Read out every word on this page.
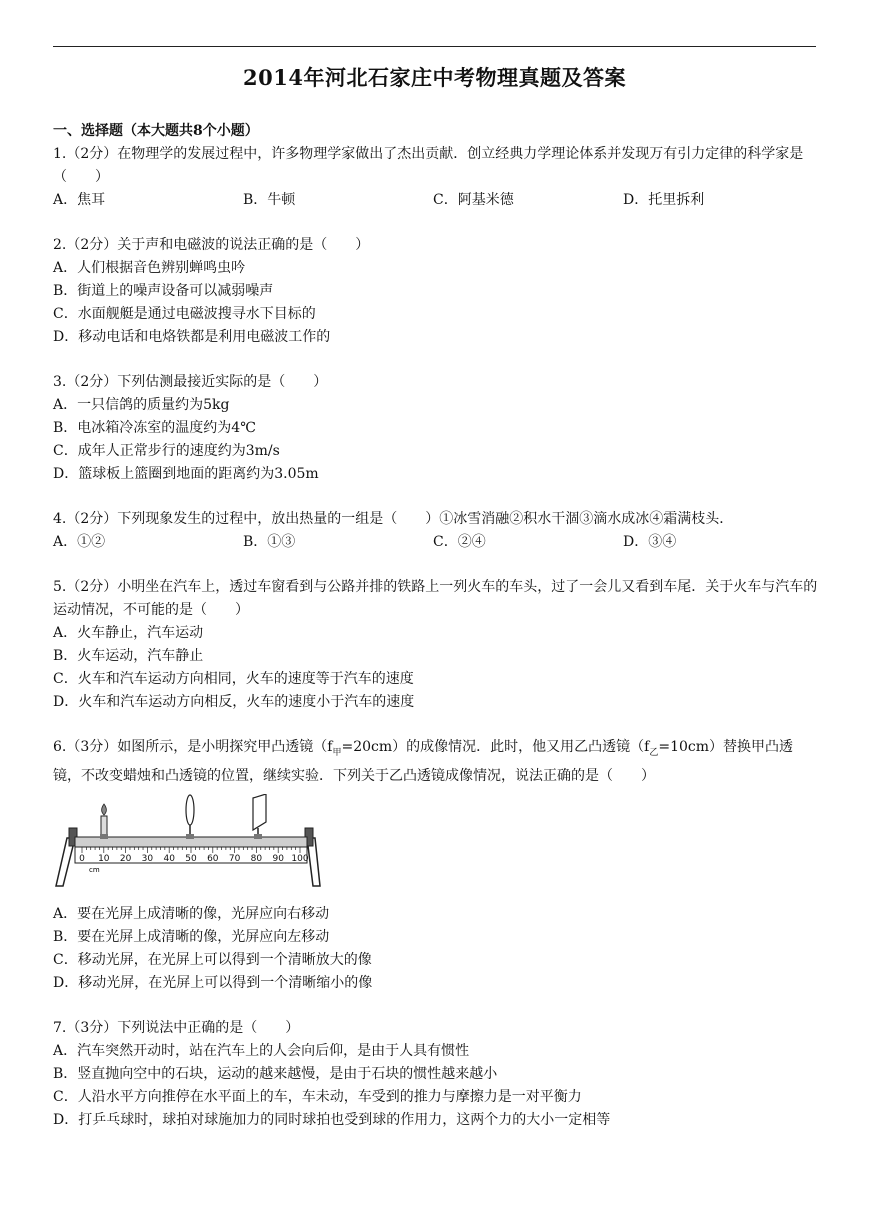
2014年河北石家庄中考物理真题及答案
一、选择题（本大题共8个小题）
1.（2分）在物理学的发展过程中，许多物理学家做出了杰出贡献．创立经典力学理论体系并发现万有引力定律的科学家是（　　）
A．焦耳	B．牛顿	C．阿基米德	D．托里拆利
2.（2分）关于声和电磁波的说法正确的是（　　）
A．人们根据音色辨别蝉鸣虫吟
B．街道上的噪声设备可以减弱噪声
C．水面舰艇是通过电磁波搜寻水下目标的
D．移动电话和电烙铁都是利用电磁波工作的
3.（2分）下列估测最接近实际的是（　　）
A．一只信鸽的质量约为5kg
B．电冰箱冷冻室的温度约为4℃
C．成年人正常步行的速度约为3m/s
D．篮球板上篮圈到地面的距离约为3.05m
4.（2分）下列现象发生的过程中，放出热量的一组是（　　）①冰雪消融②积水干涸③滴水成冰④霜满枝头．
A．①②	B．①③	C．②④	D．③④
5.（2分）小明坐在汽车上，透过车窗看到与公路并排的铁路上一列火车的车头，过了一会儿又看到车尾．关于火车与汽车的运动情况，不可能的是（　　）
A．火车静止，汽车运动
B．火车运动，汽车静止
C．火车和汽车运动方向相同，火车的速度等于汽车的速度
D．火车和汽车运动方向相反，火车的速度小于汽车的速度
6.（3分）如图所示，是小明探究甲凸透镜$(f_甲=20cm)$的成像情况．此时，他又用乙凸透镜$(f_乙=10cm)$替换甲凸透镜，不改变蜡烛和凸透镜的位置，继续实验．下列关于乙凸透镜成像情况，说法正确的是（　　）
0 10 20 30 40 50 60 70 80 90 100
cm
A．要在光屏上成清晰的像，光屏应向右移动
B．要在光屏上成清晰的像，光屏应向左移动
C．移动光屏，在光屏上可以得到一个清晰放大的像
D．移动光屏，在光屏上可以得到一个清晰缩小的像
7.（3分）下列说法中正确的是（　　）
A．汽车突然开动时，站在汽车上的人会向后仰，是由于人具有惯性
B．竖直抛向空中的石块，运动的越来越慢，是由于石块的惯性越来越小
C．人沿水平方向推停在水平面上的车，车未动，车受到的推力与摩擦力是一对平衡力
D．打乒乓球时，球拍对球施加力的同时球拍也受到球的作用力，这两个力的大小一定相等
